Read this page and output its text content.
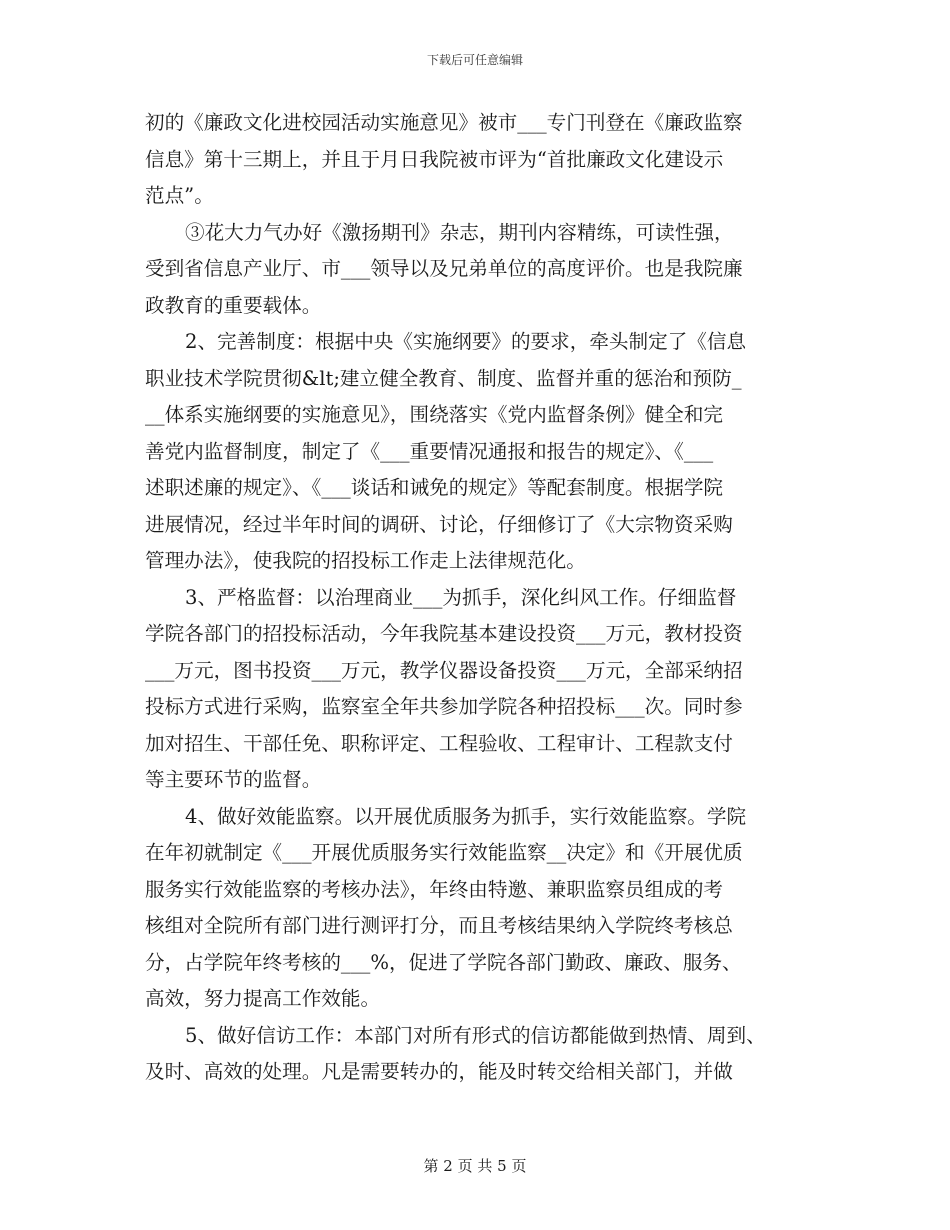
下载后可任意编辑
初的《廉政文化进校园活动实施意见》被市___专门刊登在《廉政监察
信息》第十三期上，并且于月日我院被市评为“首批廉政文化建设示
范点”。
③花大力气办好《激扬期刊》杂志，期刊内容精练，可读性强，
受到省信息产业厅、市___领导以及兄弟单位的高度评价。也是我院廉
政教育的重要载体。
2、完善制度：根据中央《实施纲要》的要求，牵头制定了《信息
职业技术学院贯彻&lt;建立健全教育、制度、监督并重的惩治和预防_
__体系实施纲要的实施意见》，围绕落实《党内监督条例》健全和完
善党内监督制度，制定了《___重要情况通报和报告的规定》、《___
述职述廉的规定》、《___谈话和诫免的规定》等配套制度。根据学院
进展情况，经过半年时间的调研、讨论，仔细修订了《大宗物资采购
管理办法》，使我院的招投标工作走上法律规范化。
3、严格监督：以治理商业___为抓手，深化纠风工作。仔细监督
学院各部门的招投标活动，今年我院基本建设投资___万元，教材投资
___万元，图书投资___万元，教学仪器设备投资___万元，全部采纳招
投标方式进行采购，监察室全年共参加学院各种招投标___次。同时参
加对招生、干部任免、职称评定、工程验收、工程审计、工程款支付
等主要环节的监督。
4、做好效能监察。以开展优质服务为抓手，实行效能监察。学院
在年初就制定《___开展优质服务实行效能监察__决定》和《开展优质
服务实行效能监察的考核办法》，年终由特邀、兼职监察员组成的考
核组对全院所有部门进行测评打分，而且考核结果纳入学院终考核总
分，占学院年终考核的___%，促进了学院各部门勤政、廉政、服务、
高效，努力提高工作效能。
5、做好信访工作：本部门对所有形式的信访都能做到热情、周到、
及时、高效的处理。凡是需要转办的，能及时转交给相关部门，并做
第 2 页 共 5 页
